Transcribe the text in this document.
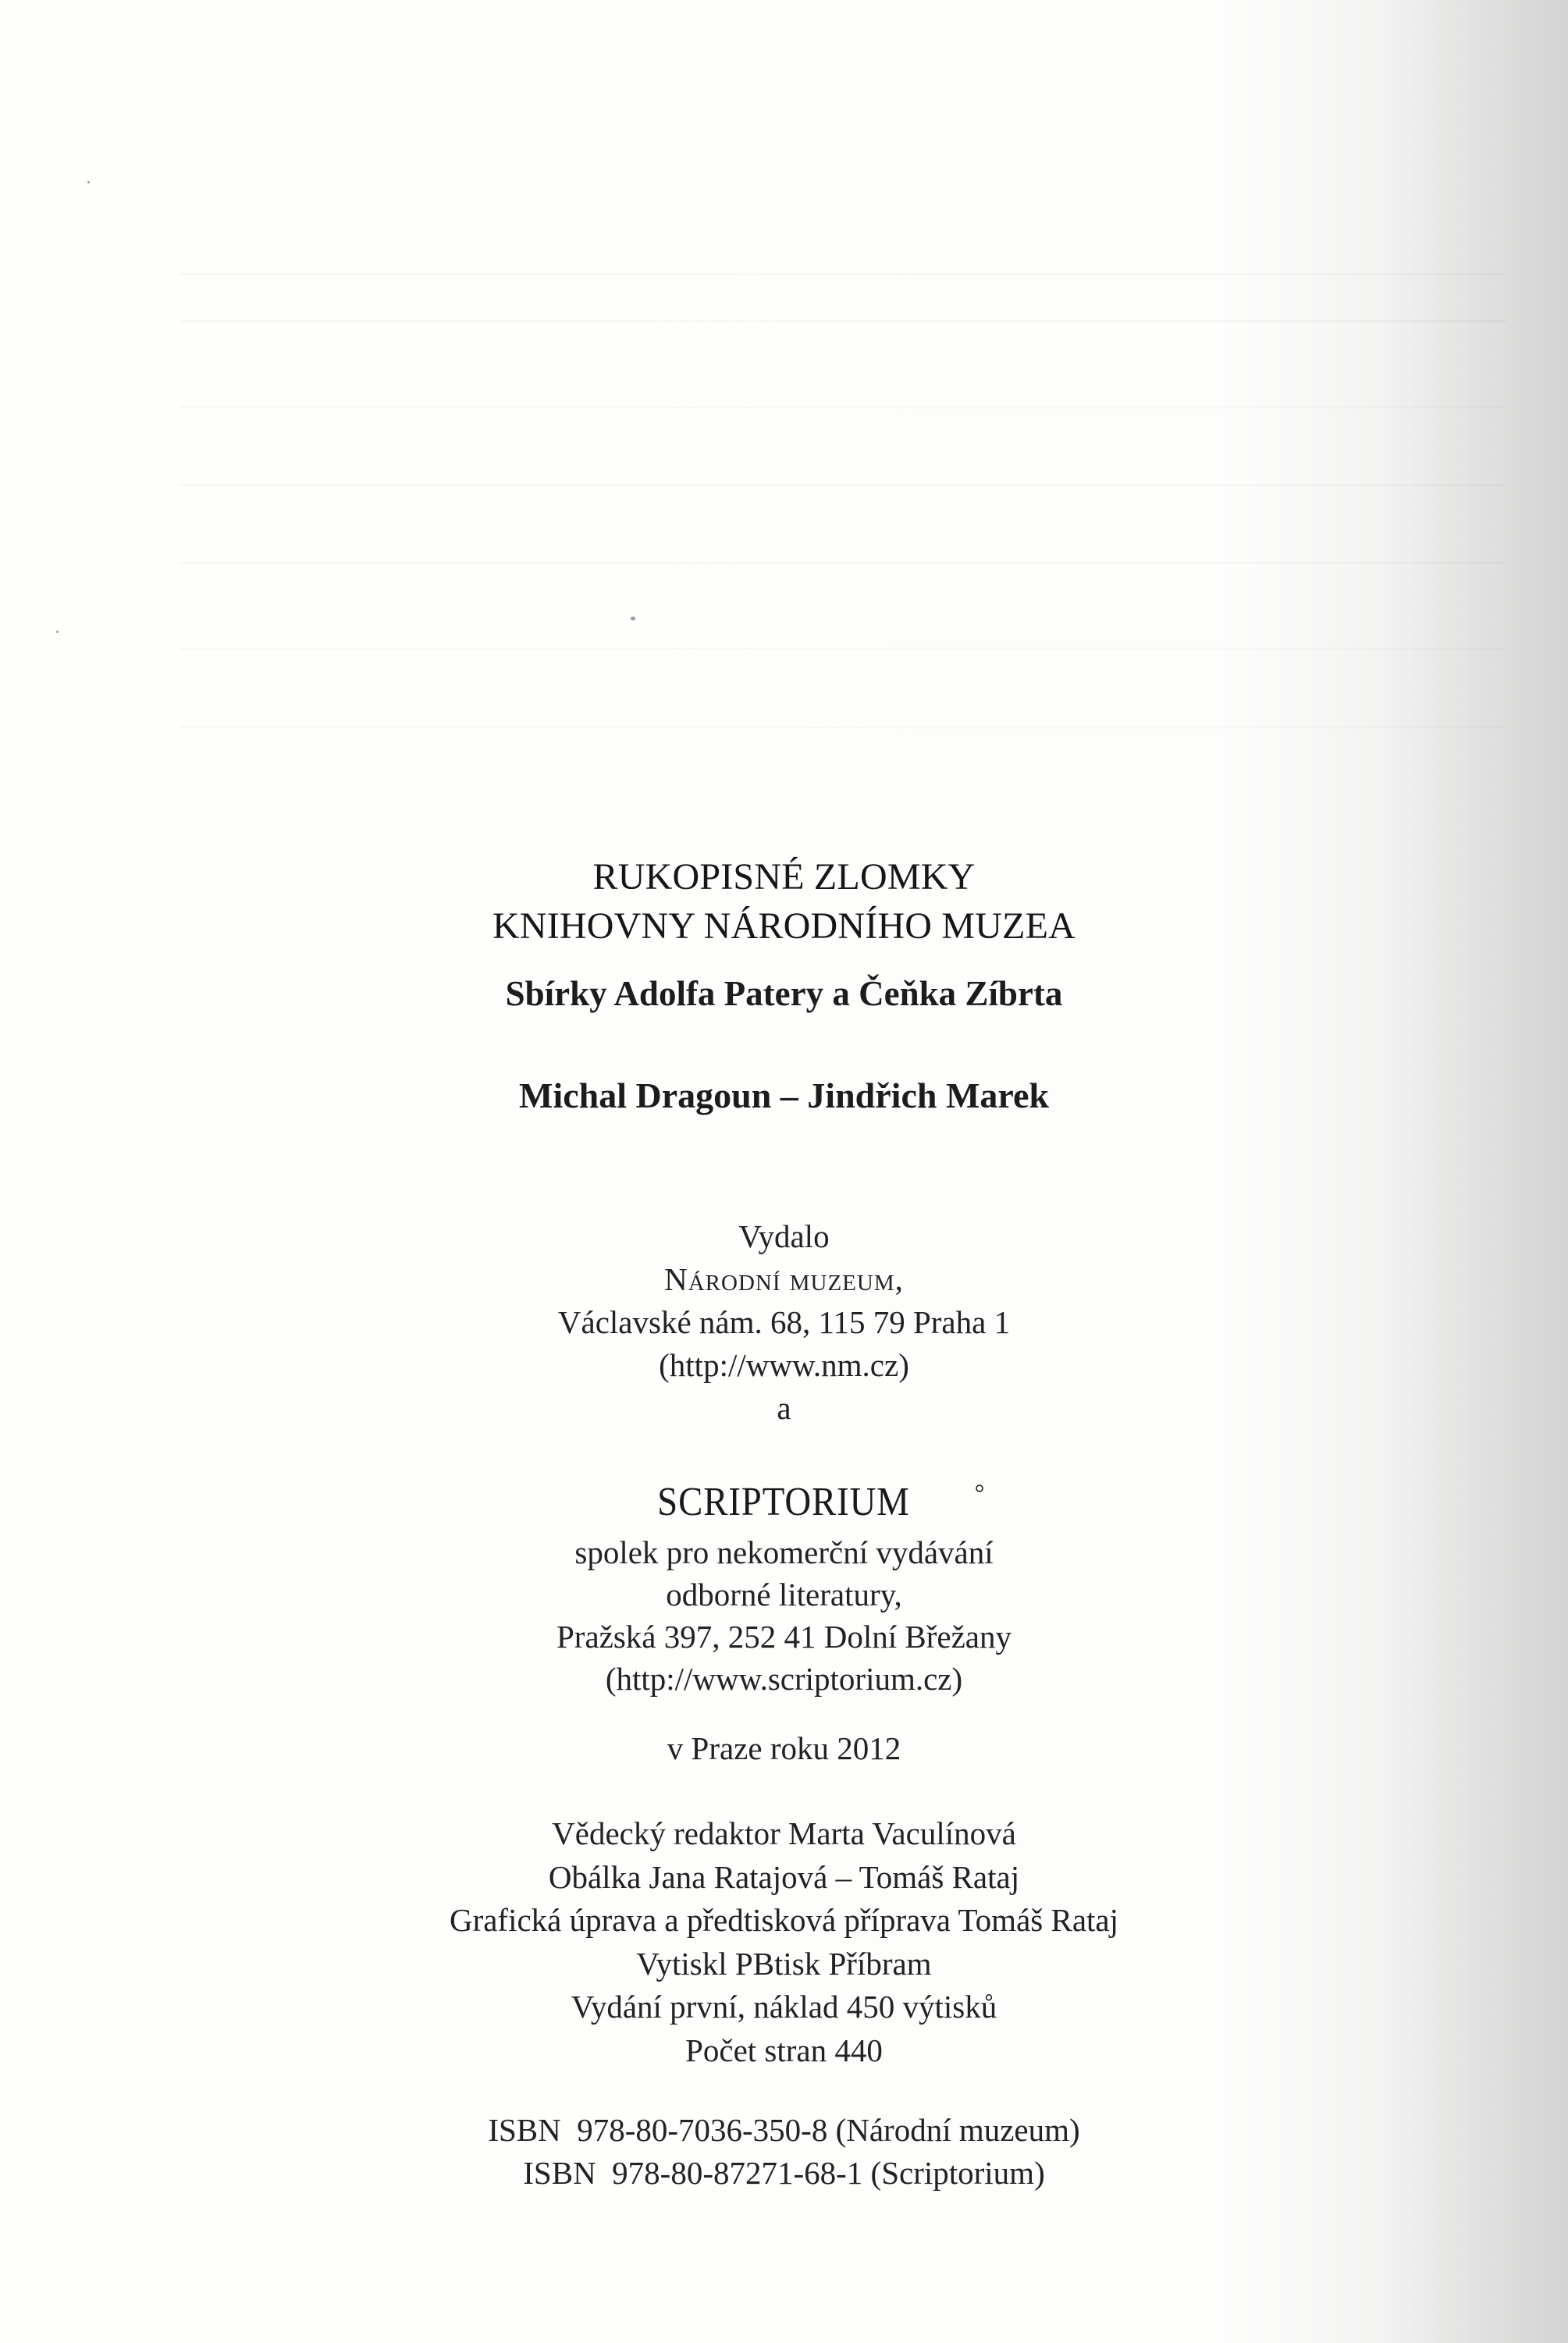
RUKOPISNÉ ZLOMKY
KNIHOVNY NÁRODNÍHO MUZEA
Sbírky Adolfa Patery a Čeňka Zíbrta
Michal Dragoun – Jindřich Marek
Vydalo
Národní muzeum,
Václavské nám. 68, 115 79 Praha 1
(http://www.nm.cz)
a
SCRIPTORIUM
spolek pro nekomerční vydávání
odborné literatury,
Pražská 397, 252 41 Dolní Břežany
(http://www.scriptorium.cz)
v Praze roku 2012
Vědecký redaktor Marta Vaculínová
Obálka Jana Ratajová – Tomáš Rataj
Grafická úprava a předtisková příprava Tomáš Rataj
Vytiskl PBtisk Příbram
Vydání první, náklad 450 výtisků
Počet stran 440
ISBN  978-80-7036-350-8 (Národní muzeum)
ISBN  978-80-87271-68-1 (Scriptorium)
